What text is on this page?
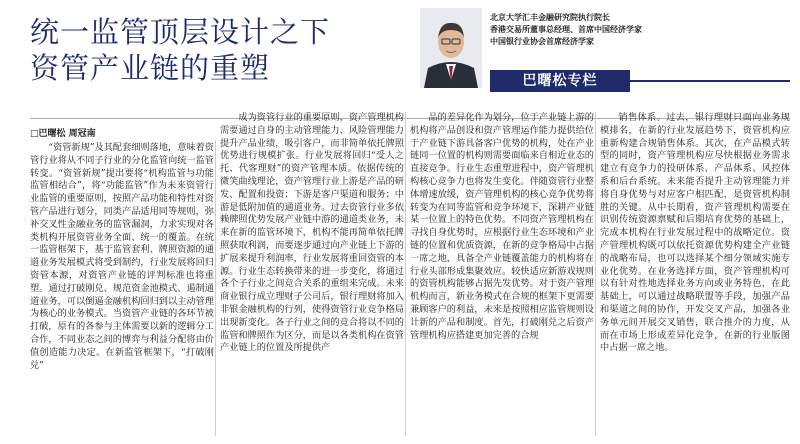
统一监管顶层设计之下
资管产业链的重塑
北京大学汇丰金融研究院执行院长
香港交易所董事总经理、首席中国经济学家
中国银行业协会首席经济学家
巴曙松专栏
□巴曙松 周冠南
“资管新规”及其配套细则落地，意味着资管行业将从不同子行业的分化监管向统一监管转变。“资管新规”提出要将“机构监管与功能监管相结合”，将“功能监管”作为未来资管行业监管的重要原则，按照产品功能和特性对资管产品进行划分，同类产品适用同等规则，弥补交叉性金融业务的监管漏洞，力求实现对各类机构开展资管业务全面、统一的覆盖。在统一监管框架下，基于监管套利、牌照资源的通道业务发展模式将受到制约，行业发展将回归资管本源，对资管产业链的评判标准也将重塑。通过打破刚兑、规范资金池模式、遏制通道业务，可以倒逼金融机构回归到以主动管理为核心的业务模式。当资管产业链的各环节被打破，原有的各参与主体需要以新的逻辑分工合作，不同业态之间的博弈与利益分配将由价值创造能力决定。在新监管框架下，“打破刚兑”
成为资管行业的重要原则，资产管理机构需要通过自身的主动管理能力、风险管理能力提升产品业绩，吸引客户，而非简单依托牌照优势进行规模扩张。行业发展将回归“受人之托、代客理财”的资产管理本质。依据传统的微笑曲线理论，资产管理行业上游是产品的研发、配置和投资；下游是客户渠道和服务；中游是低附加值的通道业务。过去资管行业多依赖牌照优势发展产业链中游的通道类业务，未来在新的监管环境下，机构不能再简单依托牌照获取利润，而要逐步通过向产业链上下游的扩展来提升利润率，行业发展将重回资管的本源。行业生态转换带来的进一步变化，将通过各个子行业之间竞合关系的重组来完成。未来商业银行成立理财子公司后，银行理财将加入非银金融机构的行列，使得资管行业竞争格局出现新变化。各子行业之间的竞合将以不同的监管和牌照作为区分，而是以各类机构在资管产业链上的位置及所提供产
品的差异化作为划分，位于产业链上游的机构将产品创设和资产管理运作能力提供给位于产业链下游具备客户优势的机构，处在产业链同一位置的机构则需要面临来自相近业态的直接竞争。行业生态重塑进程中，资产管理机构核心竞争力也将发生变化。伴随资管行业整体增速放缓，资产管理机构的核心竞争优势将转变为在同等监管和竞争环境下，深耕产业链某一位置上的特色优势。不同资产管理机构在寻找自身优势时，应根据行业生态环境和产业链的位置和优质资源，在新的竞争格局中占据一席之地，具备全产业链覆盖能力的机构将在行业头部形成集聚效应。较快适应新游戏规则的资管机构能够占据先发优势。对于资产管理机构而言，新业务模式在合规的框架下更需要兼顾客户的利益，未来是按照相应监管规则设计新的产品和制度。首先，打破刚兑之后资产管理机构应搭建更加完善的合规
销售体系。过去，银行理财只面向业务规模排名，在新的行业发展趋势下，资管机构应重新构建合规销售体系。其次，在产品模式转型的同时，资产管理机构应尽快根据业务需求建立有竞争力的投研体系、产品体系、风控体系和后台系统。未来能否提升主动管理能力并将自身优势与对应客户相匹配，是资管机构制胜的关键。从中长期看，资产管理机构需要在识别传统资源禀赋和后期培育优势的基础上，完成本机构在行业发展过程中的战略定位。资产管理机构既可以依托资源优势构建全产业链的战略布局，也可以选择某个细分领域实施专业化优势。在业务选择方面，资产管理机构可以有针对性地选择业务方向或业务特色，在此基础上，可以通过战略联盟等手段，加强产品和渠道之间的协作，开发交叉产品，加强各业务单元间开展交叉销售，联合推介的力度，从而在市场上形成差异化竞争，在新的行业版图中占据一席之地。
